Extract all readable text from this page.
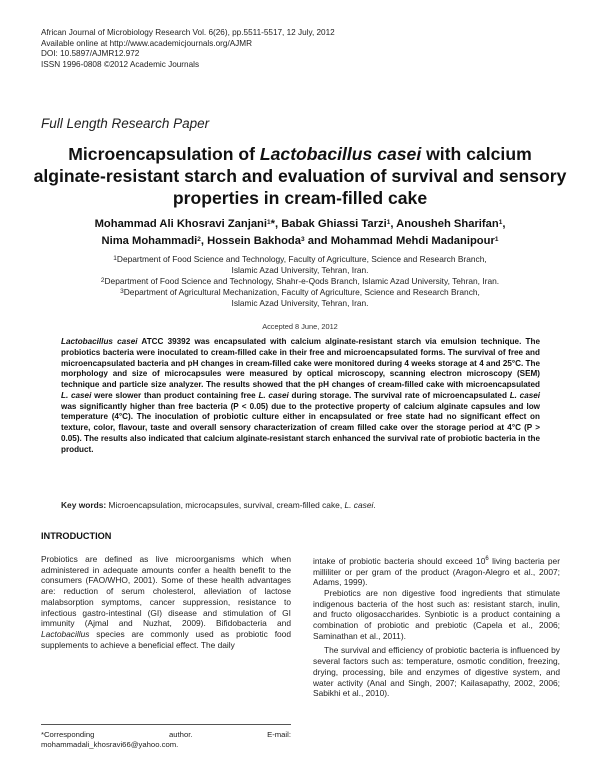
African Journal of Microbiology Research Vol. 6(26), pp.5511-5517, 12 July, 2012
Available online at http://www.academicjournals.org/AJMR
DOI: 10.5897/AJMR12.972
ISSN 1996-0808 ©2012 Academic Journals
Full Length Research Paper
Microencapsulation of Lactobacillus casei with calcium alginate-resistant starch and evaluation of survival and sensory properties in cream-filled cake
Mohammad Ali Khosravi Zanjani$^1$*, Babak Ghiassi Tarzi$^1$, Anousheh Sharifan$^1$,
Nima Mohammadi$^2$, Hossein Bakhoda$^3$ and Mohammad Mehdi Madanipour$^1$
$^1$Department of Food Science and Technology, Faculty of Agriculture, Science and Research Branch,
Islamic Azad University, Tehran, Iran.
$^2$Department of Food Science and Technology, Shahr-e-Qods Branch, Islamic Azad University, Tehran, Iran.
$^3$Department of Agricultural Mechanization, Faculty of Agriculture, Science and Research Branch,
Islamic Azad University, Tehran, Iran.
Accepted 8 June, 2012
Lactobacillus casei ATCC 39392 was encapsulated with calcium alginate-resistant starch via emulsion technique. The probiotics bacteria were inoculated to cream-filled cake in their free and microencapsulated forms. The survival of free and microencapsulated bacteria and pH changes in cream-filled cake were monitored during 4 weeks storage at 4 and 25°C. The morphology and size of microcapsules were measured by optical microscopy, scanning electron microscopy (SEM) technique and particle size analyzer. The results showed that the pH changes of cream-filled cake with microencapsulated L. casei were slower than product containing free L. casei during storage. The survival rate of microencapsulated L. casei was significantly higher than free bacteria (P < 0.05) due to the protective property of calcium alginate capsules and low temperature (4°C). The inoculation of probiotic culture either in encapsulated or free state had no significant effect on texture, color, flavour, taste and overall sensory characterization of cream filled cake over the storage period at 4°C (P > 0.05). The results also indicated that calcium alginate-resistant starch enhanced the survival rate of probiotic bacteria in the product.
Key words: Microencapsulation, microcapsules, survival, cream-filled cake, L. casei.
INTRODUCTION

Probiotics are defined as live microorganisms which when administered in adequate amounts confer a health benefit to the consumers (FAO/WHO, 2001). Some of these health advantages are: reduction of serum cholesterol, alleviation of lactose malabsorption symptoms, cancer suppression, resistance to infectious gastro-intestinal (GI) disease and stimulation of GI immunity (Ajmal and Nuzhat, 2009). Bifidobacteria and Lactobacillus species are commonly used as probiotic food supplements to achieve a beneficial effect. The daily

intake of probiotic bacteria should exceed $10^6$ living bacteria per milliliter or per gram of the product (Aragon-Alegro et al., 2007; Adams, 1999).

Prebiotics are non digestive food ingredients that stimulate indigenous bacteria of the host such as: resistant starch, inulin, and fructo oligosaccharides. Synbiotic is a product containing a combination of probiotic and prebiotic (Capela et al., 2006; Saminathan et al., 2011).

The survival and efficiency of probiotic bacteria is influenced by several factors such as: temperature, osmotic condition, freezing, drying, processing, bile and enzymes of digestive system, and water activity (Anal and Singh, 2007; Kailasapathy, 2002, 2006; Sabikhi et al., 2010).

*Corresponding	author.	E-mail:
mohammadali_khosravi66@yahoo.com.
